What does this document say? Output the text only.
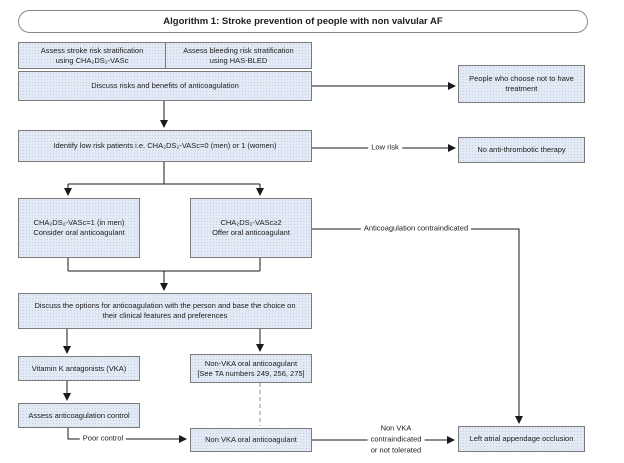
Algorithm 1: Stroke prevention of people with non valvular AF
Assess stroke risk stratification
using CHA₂DS₂-VASc
Assess bleeding risk stratification
using HAS-BLED
Discuss risks and benefits of anticoagulation
People who choose not to have
treatment
Identify low risk patients i.e. CHA₂DS₂-VASc=0 (men) or 1 (women)	No anti-thrombotic therapy
CHA₂DS₂-VASc=1 (in men)
Consider oral anticoagulant
CHA₂DS₂-VASc≥2
Offer oral anticoagulant
Discuss the options for anticoagulation with the person and base the choice on
their clinical features and preferences
Vitamin K antagonists (VKA)
Non-VKA oral anticoagulant
[See TA numbers 249, 256, 275]
Assess anticoagulation control
Non VKA oral anticoagulant	Left atrial appendage occlusion
Low risk
Anticoagulation contraindicated
Poor control
Non VKA
contraindicated
or not tolerated
